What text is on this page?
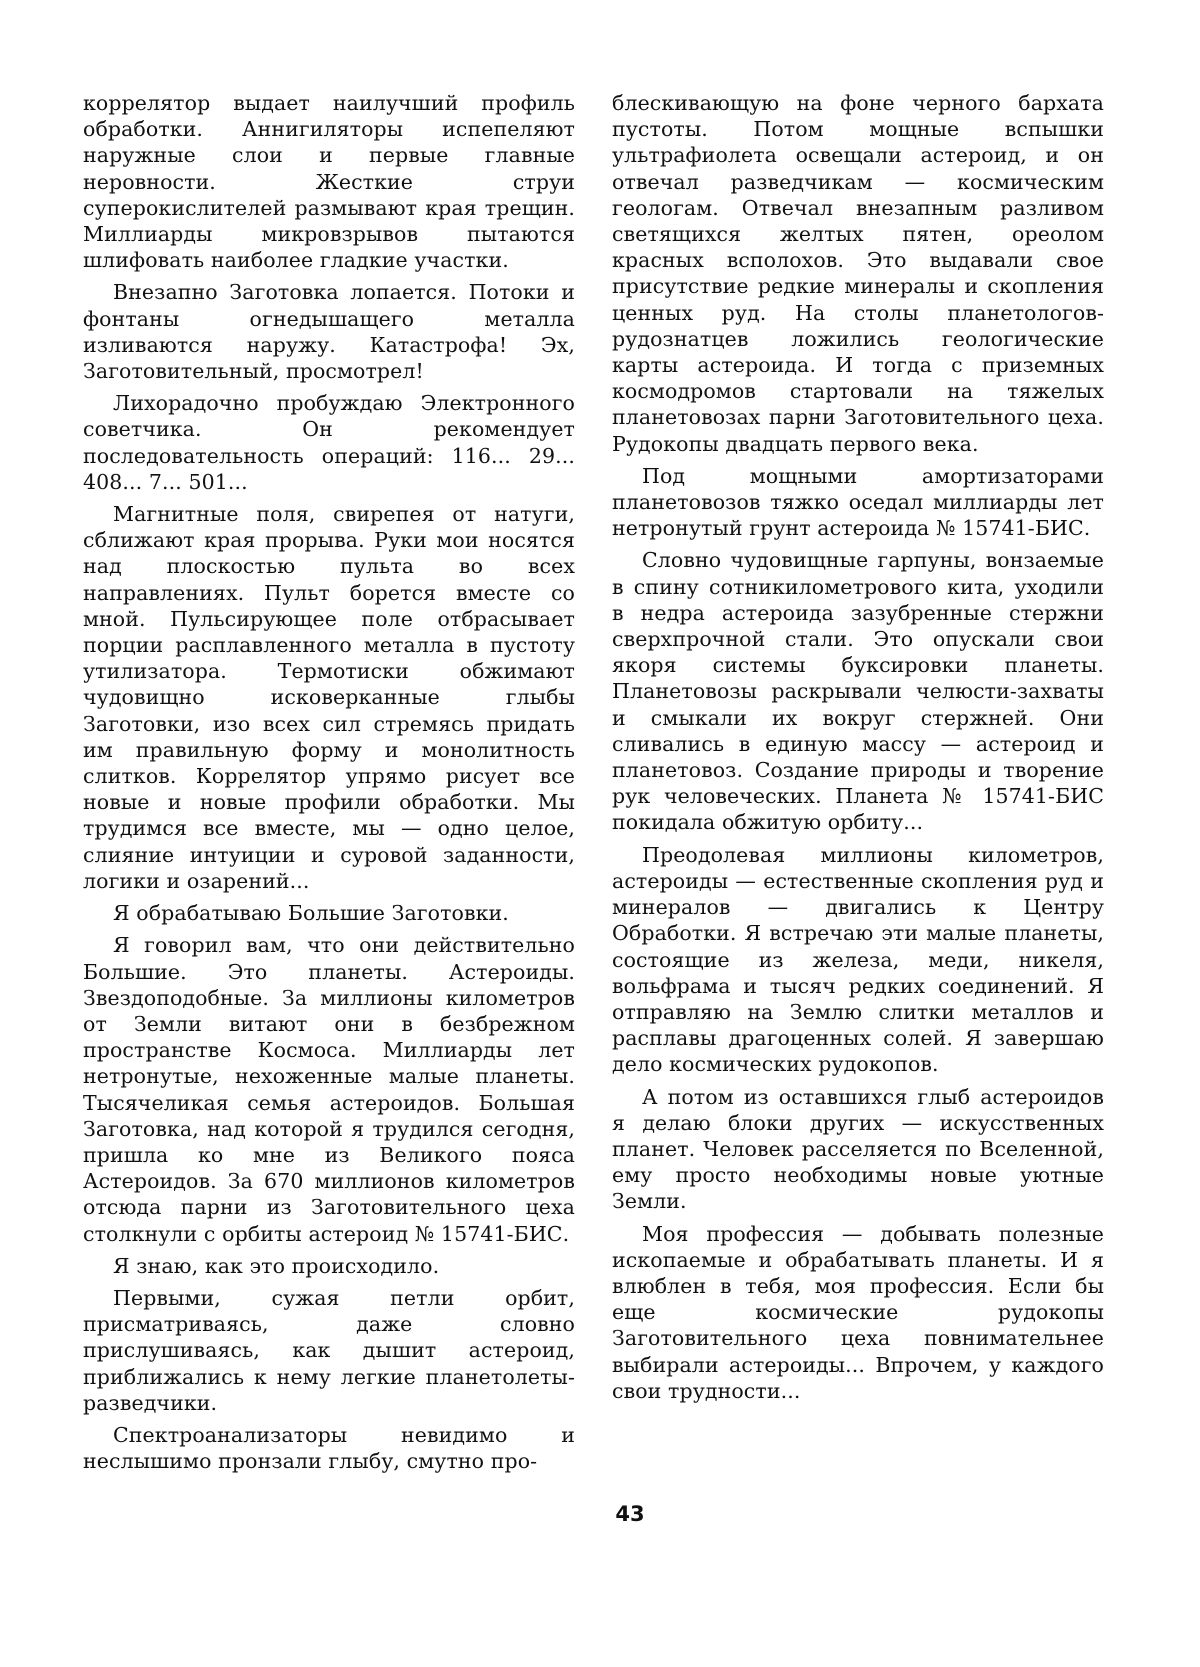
коррелятор выдает наилучший профиль обработки. Аннигиляторы испепеляют наружные слои и первые главные неровности. Жесткие струи суперокислителей размывают края трещин. Миллиарды микровзрывов пытаются шлифовать наиболее гладкие участки.

Внезапно Заготовка лопается. Потоки и фонтаны огнедышащего металла изливаются наружу. Катастрофа! Эх, Заготовительный, просмотрел!

Лихорадочно пробуждаю Электронного советчика. Он рекомендует последовательность операций: 116... 29... 408... 7... 501...

Магнитные поля, свирепея от натуги, сближают края прорыва. Руки мои носятся над плоскостью пульта во всех направлениях. Пульт борется вместе со мной. Пульсирующее поле отбрасывает порции расплавленного металла в пустоту утилизатора. Термотиски обжимают чудовищно исковерканные глыбы Заготовки, изо всех сил стремясь придать им правильную форму и монолитность слитков. Коррелятор упрямо рисует все новые и новые профили обработки. Мы трудимся все вместе, мы — одно целое, слияние интуиции и суровой заданности, логики и озарений...

Я обрабатываю Большие Заготовки.

Я говорил вам, что они действительно Большие. Это планеты. Астероиды. Звездоподобные. За миллионы километров от Земли витают они в безбрежном пространстве Космоса. Миллиарды лет нетронутые, нехоженные малые планеты. Тысячеликая семья астероидов. Большая Заготовка, над которой я трудился сегодня, пришла ко мне из Великого пояса Астероидов. За 670 миллионов километров отсюда парни из Заготовительного цеха столкнули с орбиты астероид № 15741-БИС.

Я знаю, как это происходило.

Первыми, сужая петли орбит, присматриваясь, даже словно прислушиваясь, как дышит астероид, приближались к нему легкие планетолеты-разведчики.

Спектроанализаторы невидимо и неслышимо пронзали глыбу, смутно про-

блескивающую на фоне черного бархата пустоты. Потом мощные вспышки ультрафиолета освещали астероид, и он отвечал разведчикам — космическим геологам. Отвечал внезапным разливом светящихся желтых пятен, ореолом красных всполохов. Это выдавали свое присутствие редкие минералы и скопления ценных руд. На столы планетологов-рудознатцев ложились геологические карты астероида. И тогда с приземных космодромов стартовали на тяжелых планетовозах парни Заготовительного цеха. Рудокопы двадцать первого века.

Под мощными амортизаторами планетовозов тяжко оседал миллиарды лет нетронутый грунт астероида № 15741-БИС.

Словно чудовищные гарпуны, вонзаемые в спину сотникилометрового кита, уходили в недра астероида зазубренные стержни сверхпрочной стали. Это опускали свои якоря системы буксировки планеты. Планетовозы раскрывали челюсти-захваты и смыкали их вокруг стержней. Они сливались в единую массу — астероид и планетовоз. Создание природы и творение рук человеческих. Планета № 15741-БИС покидала обжитую орбиту...

Преодолевая миллионы километров, астероиды — естественные скопления руд и минералов — двигались к Центру Обработки. Я встречаю эти малые планеты, состоящие из железа, меди, никеля, вольфрама и тысяч редких соединений. Я отправляю на Землю слитки металлов и расплавы драгоценных солей. Я завершаю дело космических рудокопов.

А потом из оставшихся глыб астероидов я делаю блоки других — искусственных планет. Человек расселяется по Вселенной, ему просто необходимы новые уютные Земли.

Моя профессия — добывать полезные ископаемые и обрабатывать планеты. И я влюблен в тебя, моя профессия. Если бы еще космические рудокопы Заготовительного цеха повнимательнее выбирали астероиды... Впрочем, у каждого свои трудности...

43
